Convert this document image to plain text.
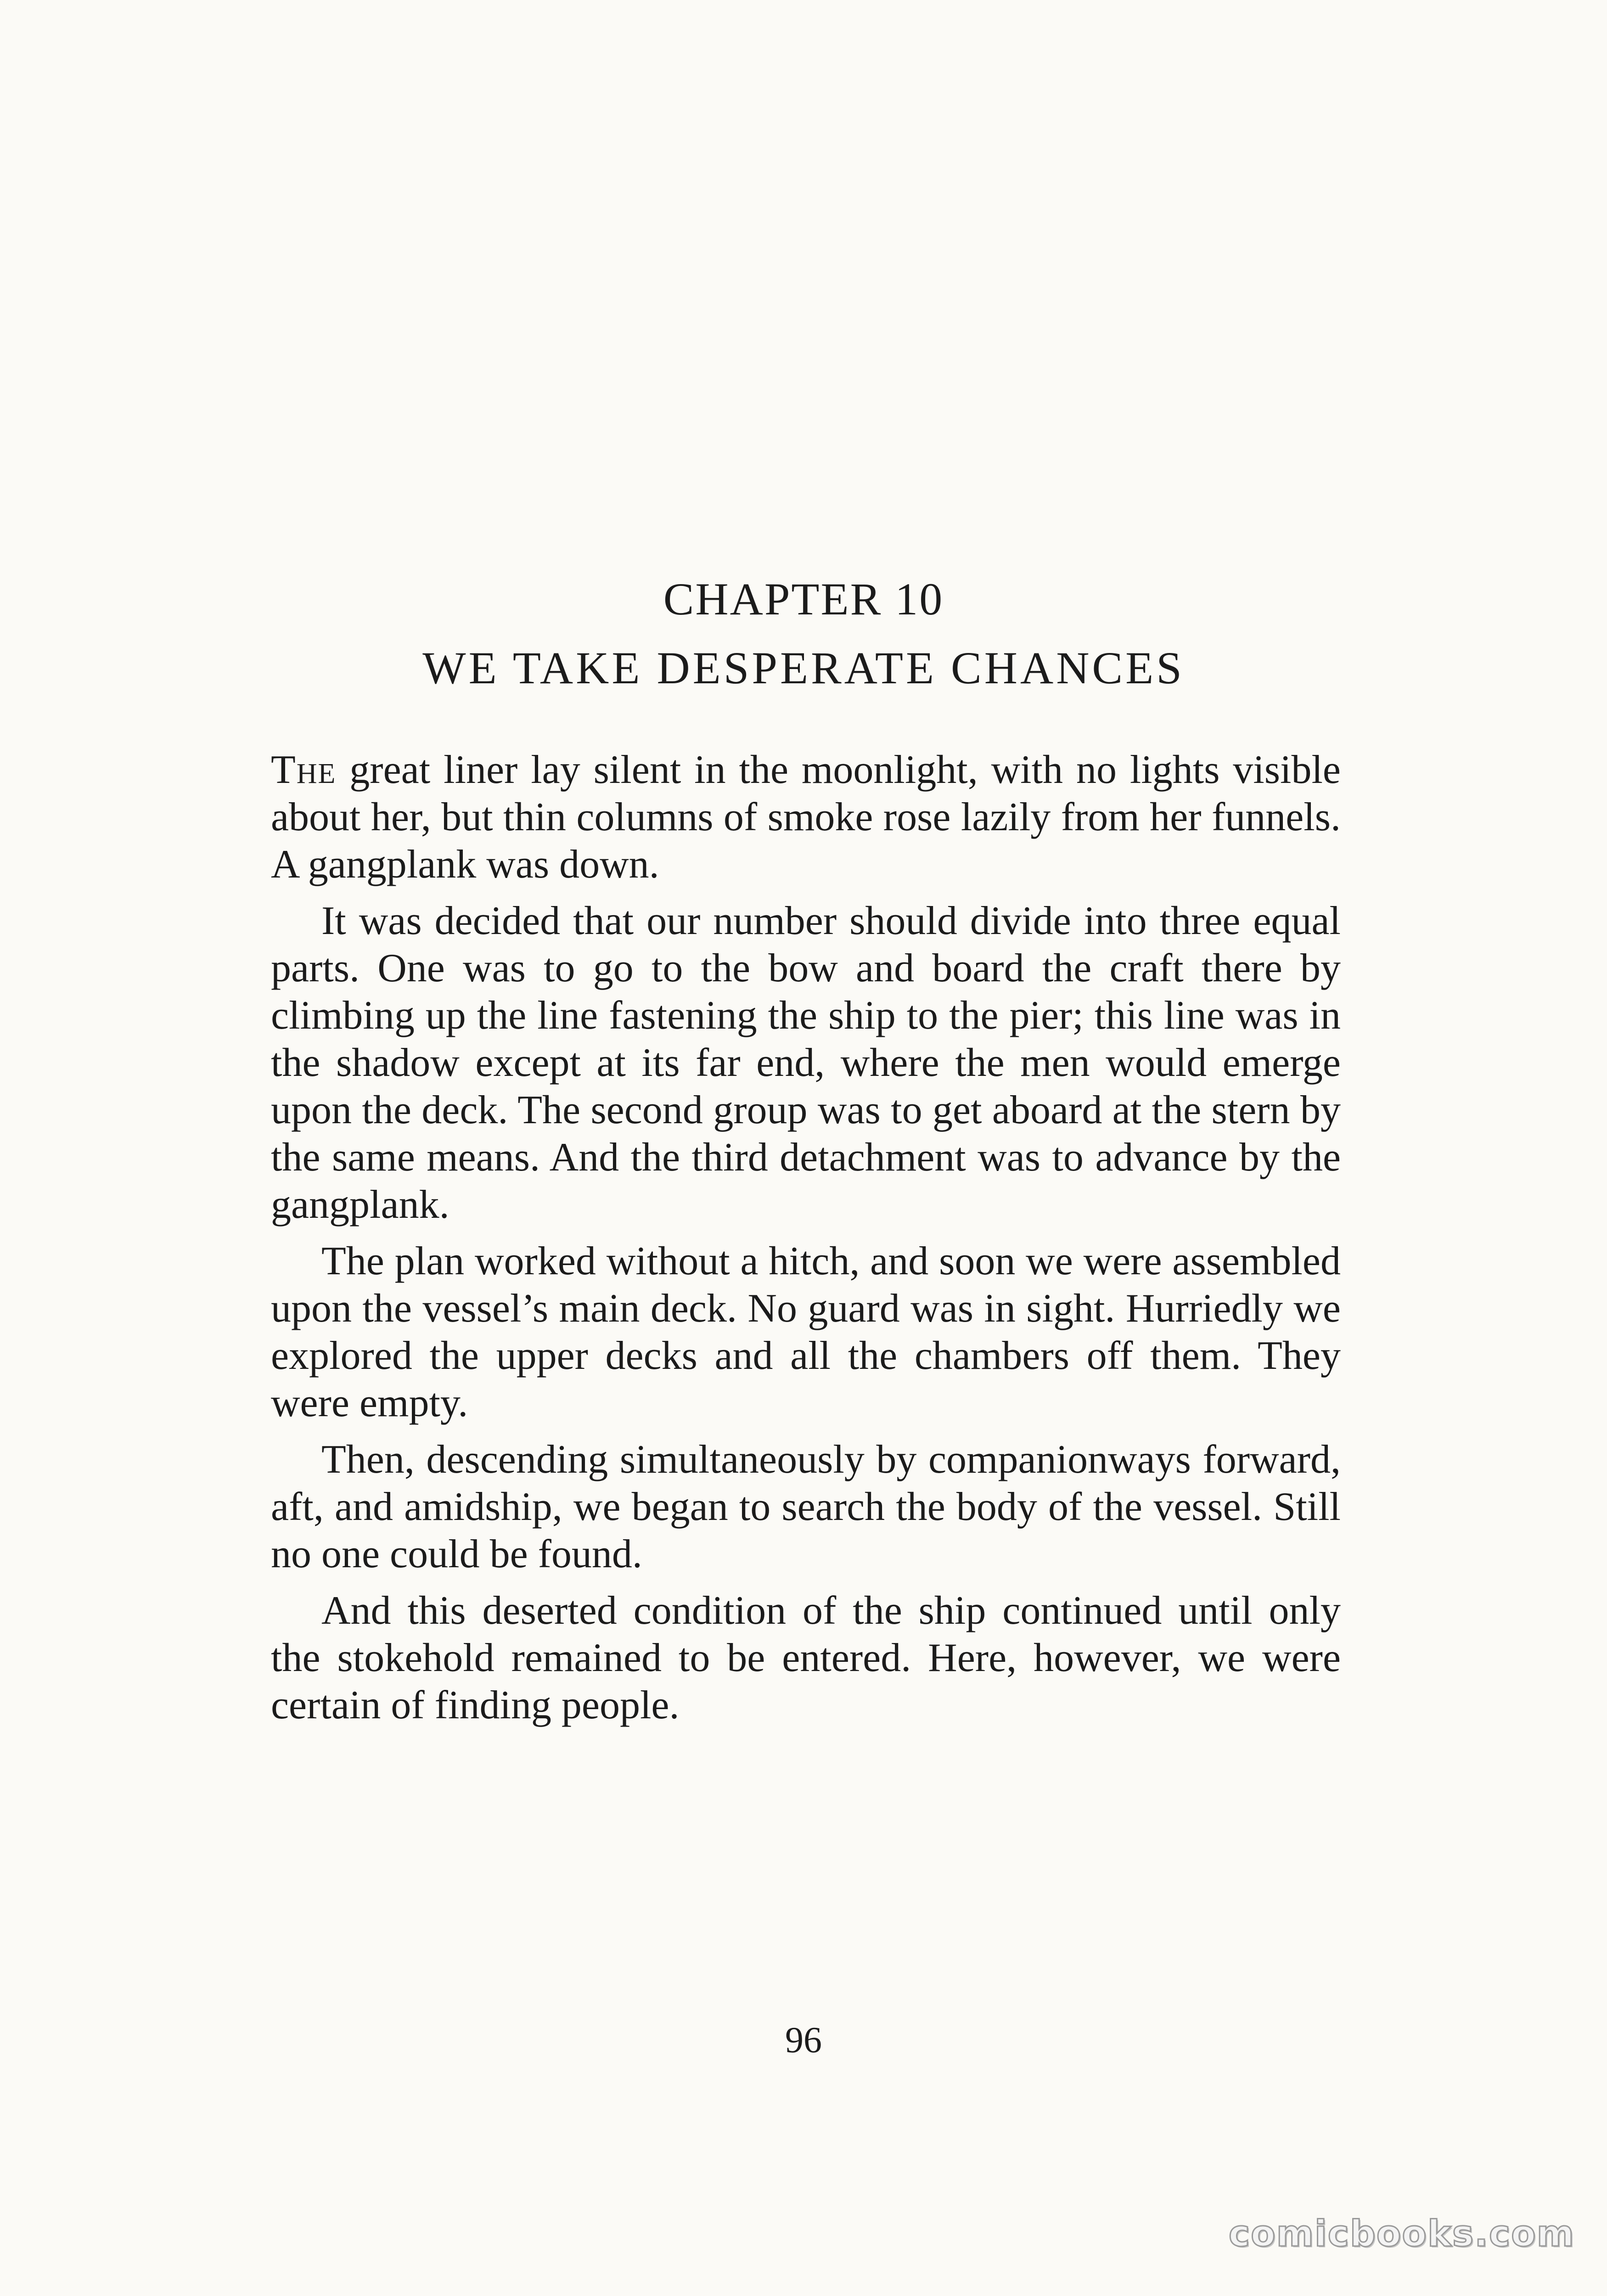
CHAPTER 10
WE TAKE DESPERATE CHANCES

The great liner lay silent in the moonlight, with no lights visible about her, but thin columns of smoke rose lazily from her funnels. A gangplank was down.

It was decided that our number should divide into three equal parts. One was to go to the bow and board the craft there by climbing up the line fastening the ship to the pier; this line was in the shadow except at its far end, where the men would emerge upon the deck. The second group was to get aboard at the stern by the same means. And the third detachment was to advance by the gangplank.

The plan worked without a hitch, and soon we were assembled upon the vessel’s main deck. No guard was in sight. Hurriedly we explored the upper decks and all the chambers off them. They were empty.

Then, descending simultaneously by companionways forward, aft, and amidship, we began to search the body of the vessel. Still no one could be found.

And this deserted condition of the ship continued until only the stokehold remained to be entered. Here, however, we were certain of finding people.

96
comicbooks.com
